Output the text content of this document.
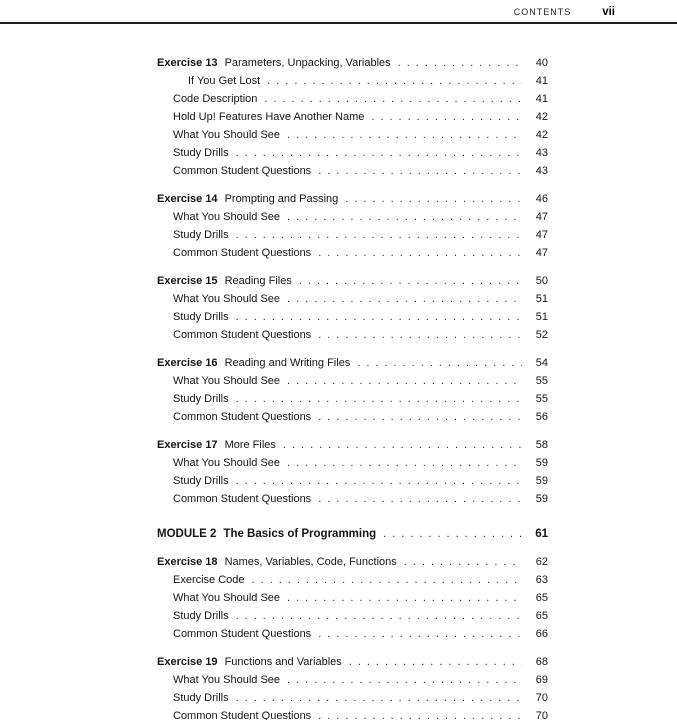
CONTENTS	vii
Exercise 13 Parameters, Unpacking, Variables .....	40
If You Get Lost .....	41
Code Description .....	41
Hold Up! Features Have Another Name .....	42
What You Should See .....	42
Study Drills .....	43
Common Student Questions .....	43
Exercise 14 Prompting and Passing .....	46
What You Should See .....	47
Study Drills .....	47
Common Student Questions .....	47
Exercise 15 Reading Files .....	50
What You Should See .....	51
Study Drills .....	51
Common Student Questions .....	52
Exercise 16 Reading and Writing Files .....	54
What You Should See .....	55
Study Drills .....	55
Common Student Questions .....	56
Exercise 17 More Files .....	58
What You Should See .....	59
Study Drills .....	59
Common Student Questions .....	59
MODULE 2 The Basics of Programming .....	61
Exercise 18 Names, Variables, Code, Functions .....	62
Exercise Code .....	63
What You Should See .....	65
Study Drills .....	65
Common Student Questions .....	66
Exercise 19 Functions and Variables .....	68
What You Should See .....	69
Study Drills .....	70
Common Student Questions .....	70
